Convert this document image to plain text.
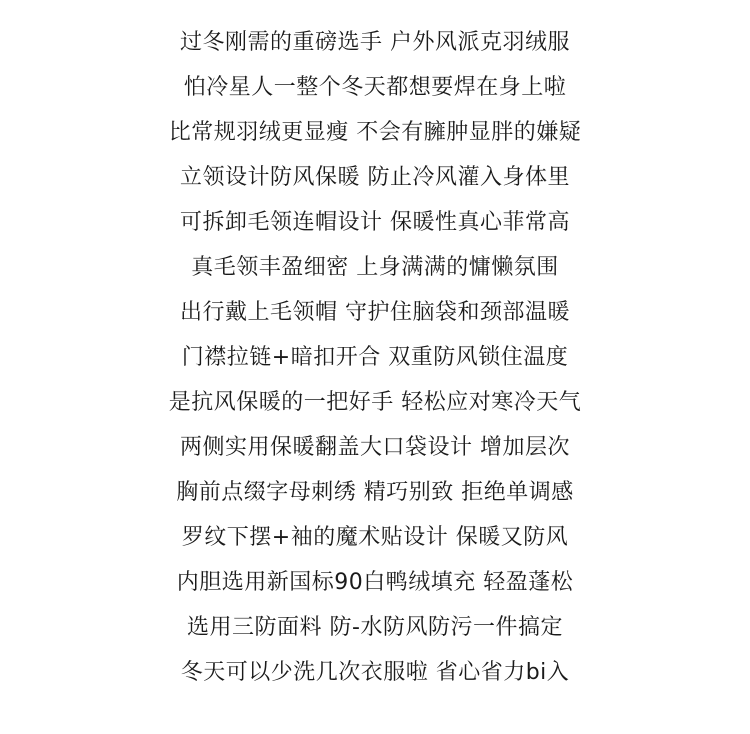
过冬刚需的重磅选手 户外风派克羽绒服
怕冷星人一整个冬天都想要焊在身上啦
比常规羽绒更显瘦 不会有臃肿显胖的嫌疑
立领设计防风保暖 防止冷风灌入身体里
可拆卸毛领连帽设计 保暖性真心菲常高
真毛领丰盈细密 上身满满的慵懒氛围
出行戴上毛领帽 守护住脑袋和颈部温暖
门襟拉链+暗扣开合 双重防风锁住温度
是抗风保暖的一把好手 轻松应对寒冷天气
两侧实用保暖翻盖大口袋设计 增加层次
胸前点缀字母刺绣 精巧别致 拒绝单调感
罗纹下摆+袖的魔术贴设计 保暖又防风
内胆选用新国标90白鸭绒填充 轻盈蓬松
选用三防面料 防-水防风防污一件搞定
冬天可以少洗几次衣服啦 省心省力bi入
